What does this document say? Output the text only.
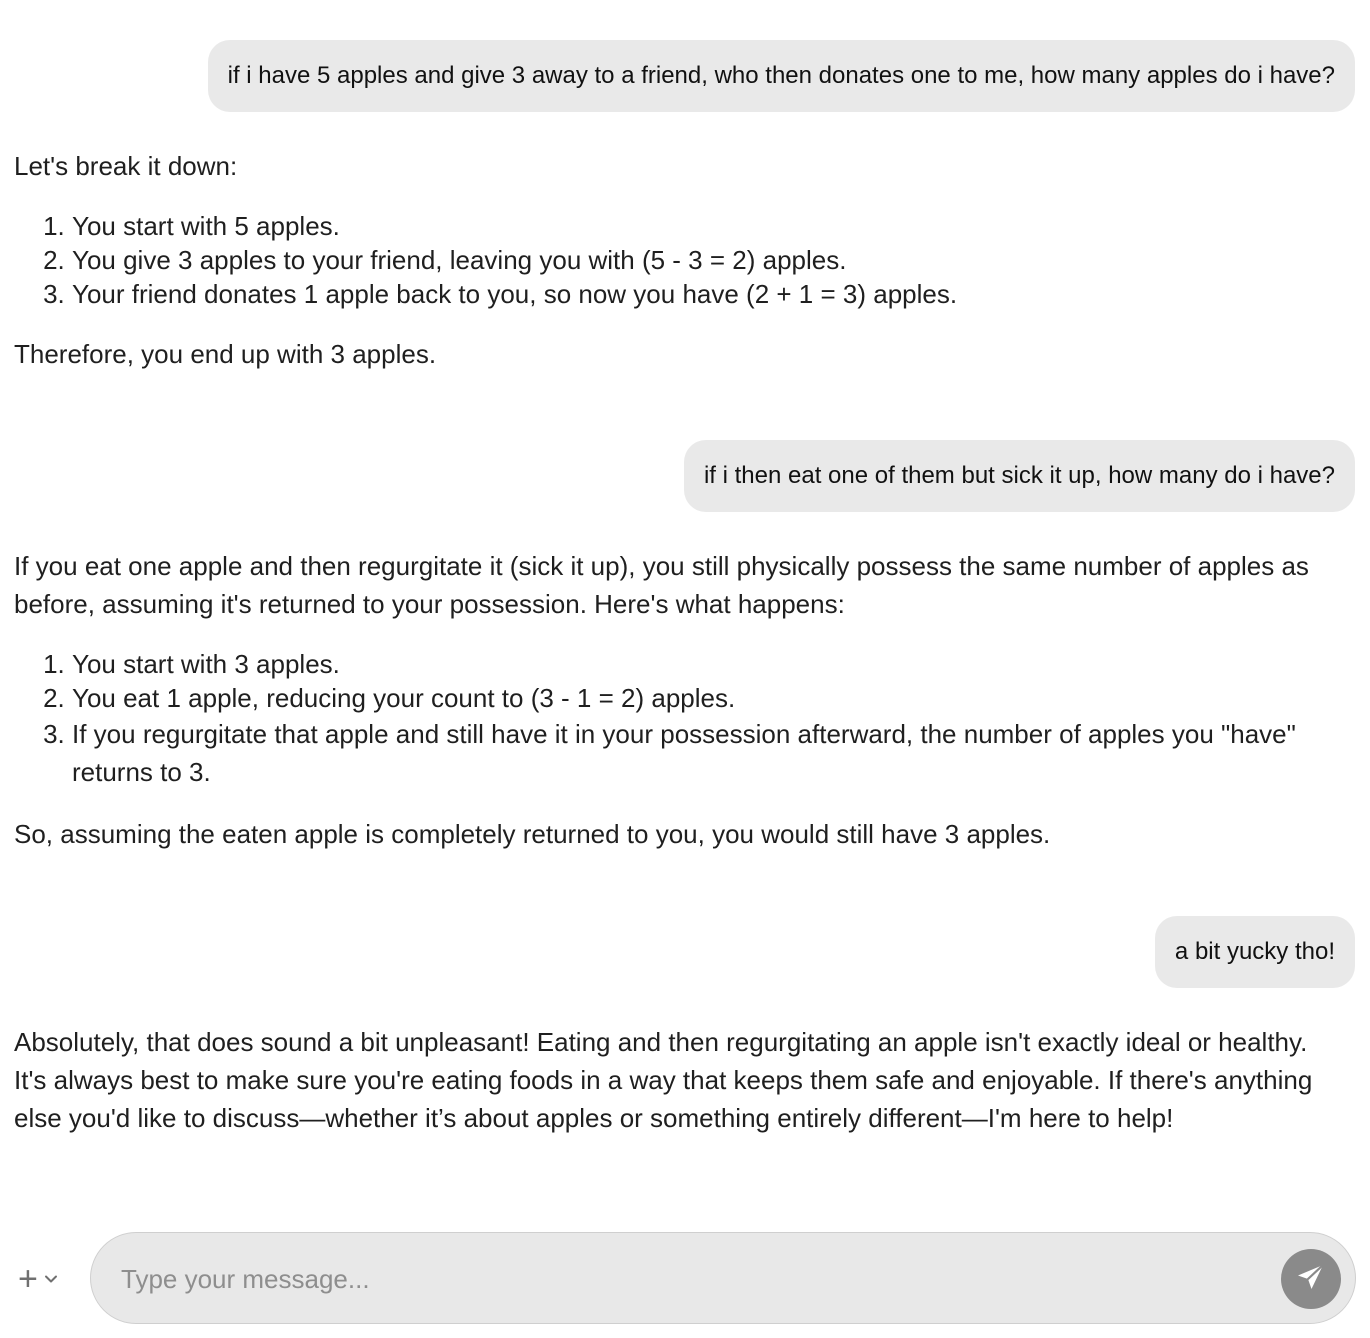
if i have 5 apples and give 3 away to a friend, who then donates one to me, how many apples do i have?

Let's break it down:

1. You start with 5 apples.
2. You give 3 apples to your friend, leaving you with (5 - 3 = 2) apples.
3. Your friend donates 1 apple back to you, so now you have (2 + 1 = 3) apples.

Therefore, you end up with 3 apples.

if i then eat one of them but sick it up, how many do i have?

If you eat one apple and then regurgitate it (sick it up), you still physically possess the same number of apples as before, assuming it's returned to your possession. Here's what happens:

1. You start with 3 apples.
2. You eat 1 apple, reducing your count to (3 - 1 = 2) apples.
3. If you regurgitate that apple and still have it in your possession afterward, the number of apples you "have" returns to 3.

So, assuming the eaten apple is completely returned to you, you would still have 3 apples.

a bit yucky tho!

Absolutely, that does sound a bit unpleasant! Eating and then regurgitating an apple isn't exactly ideal or healthy. It's always best to make sure you're eating foods in a way that keeps them safe and enjoyable. If there's anything else you'd like to discuss—whether it’s about apples or something entirely different—I'm here to help!

+
Type your message...
